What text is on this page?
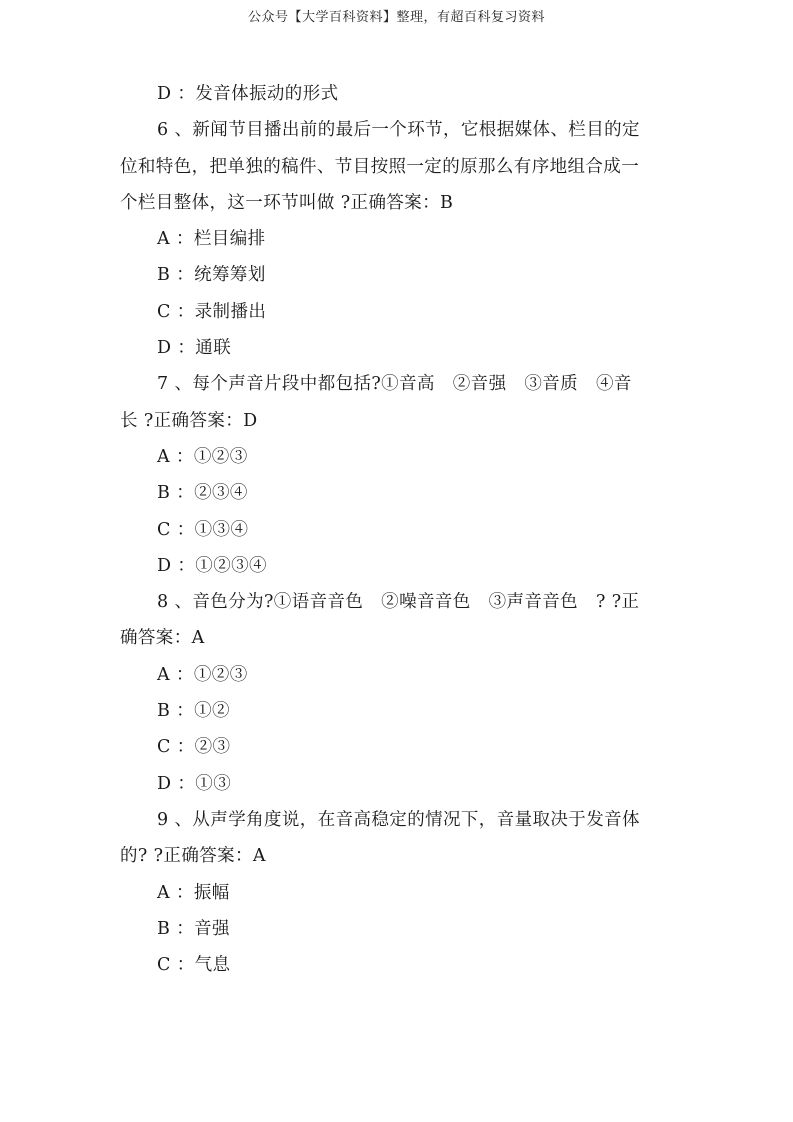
公众号【大学百科资料】整理，有超百科复习资料
D ：发音体振动的形式
6 、新闻节目播出前的最后一个环节，它根据媒体、栏目的定
位和特色，把单独的稿件、节目按照一定的原那么有序地组合成一
个栏目整体，这一环节叫做 ?正确答案：B
A ：栏目编排
B ：统筹筹划
C ：录制播出
D ：通联
7 、每个声音片段中都包括?①音高　②音强　③音质　④音
长 ?正确答案：D
A ：①②③
B ：②③④
C ：①③④
D ：①②③④
8 、音色分为?①语音音色　②噪音音色　③声音音色　? ?正
确答案：A
A ：①②③
B ：①②
C ：②③
D ：①③
9 、从声学角度说，在音高稳定的情况下，音量取决于发音体
的? ?正确答案：A
A ：振幅
B ：音强
C ：气息
